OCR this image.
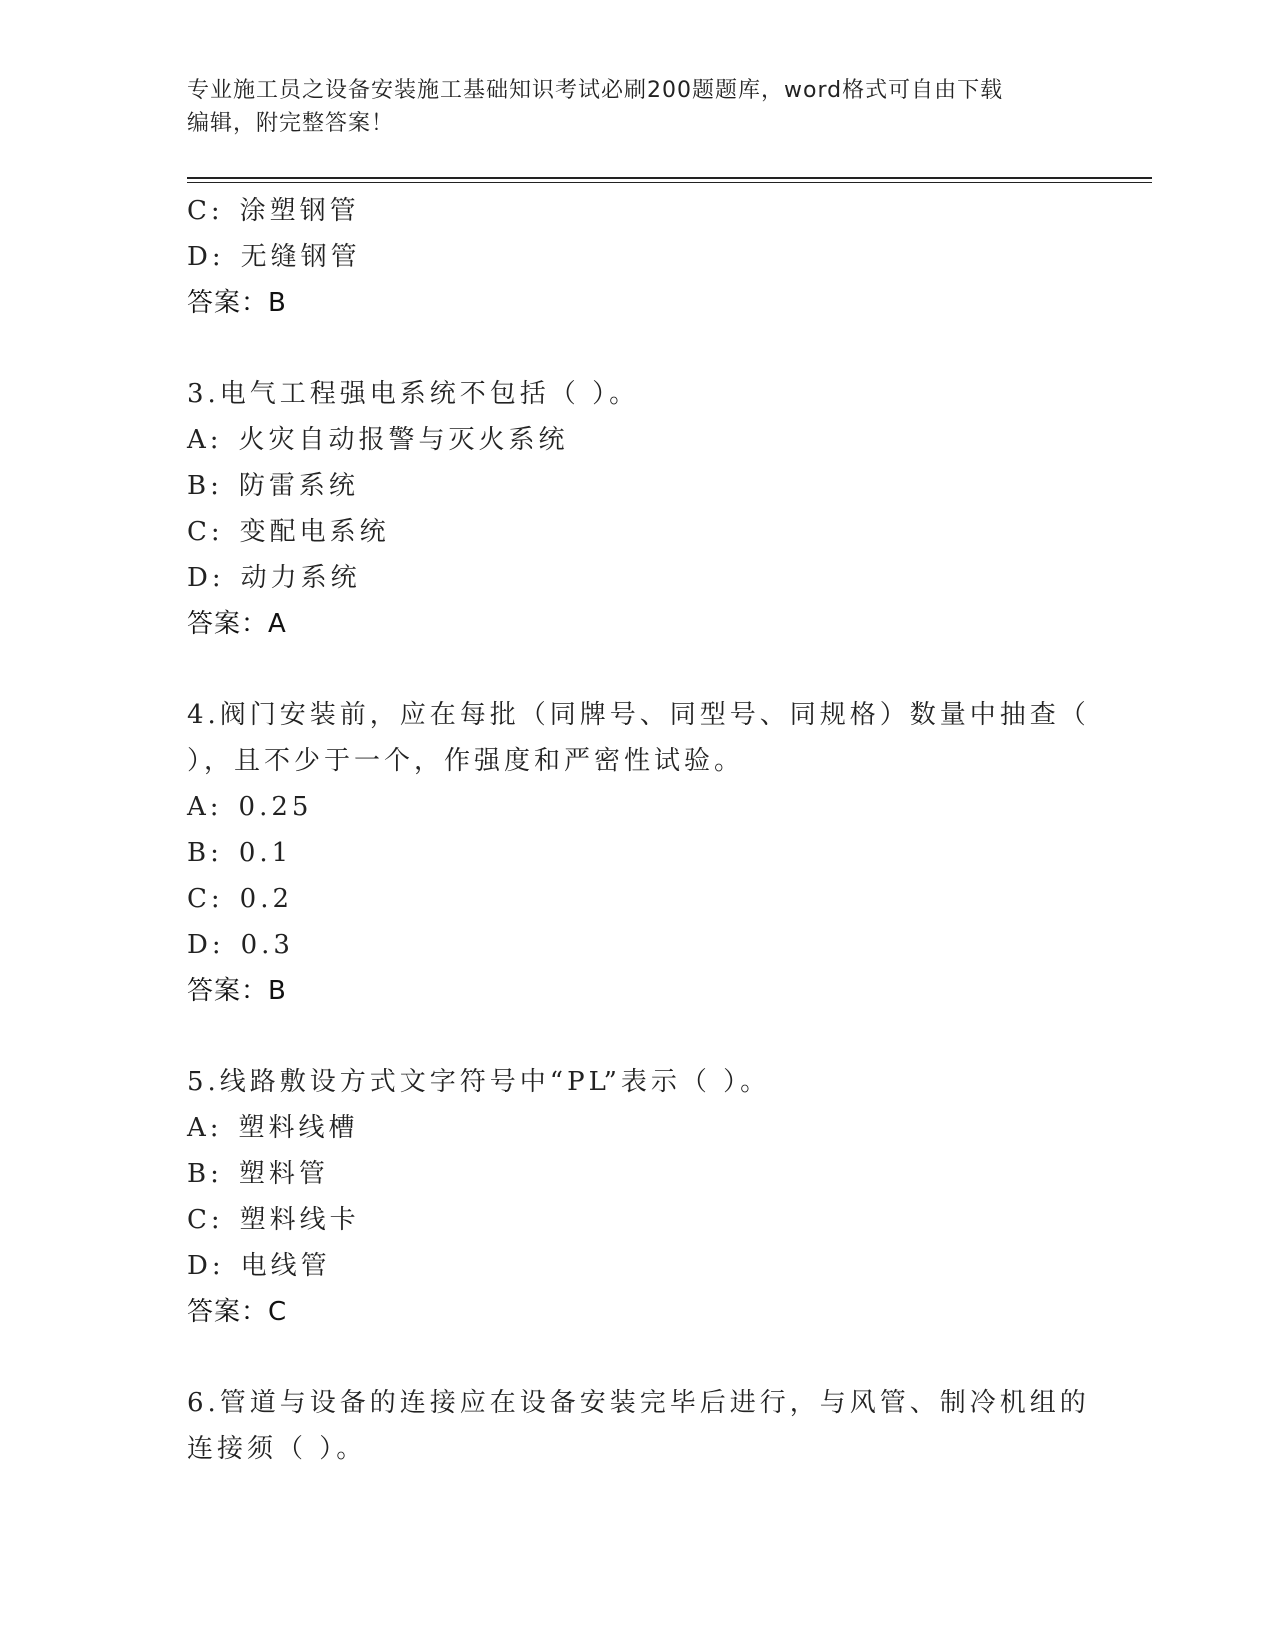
专业施工员之设备安装施工基础知识考试必刷200题题库，word格式可自由下载
编辑，附完整答案！
C: 涂塑钢管
D: 无缝钢管
答案：B
3.电气工程强电系统不包括（ ）。
A: 火灾自动报警与灭火系统
B: 防雷系统
C: 变配电系统
D: 动力系统
答案：A
4.阀门安装前，应在每批（同牌号、同型号、同规格）数量中抽查（
），且不少于一个，作强度和严密性试验。
A: 0.25
B: 0.1
C: 0.2
D: 0.3
答案：B
5.线路敷设方式文字符号中“PL”表示（ ）。
A: 塑料线槽
B: 塑料管
C: 塑料线卡
D: 电线管
答案：C
6.管道与设备的连接应在设备安装完毕后进行，与风管、制冷机组的
连接须（ ）。
